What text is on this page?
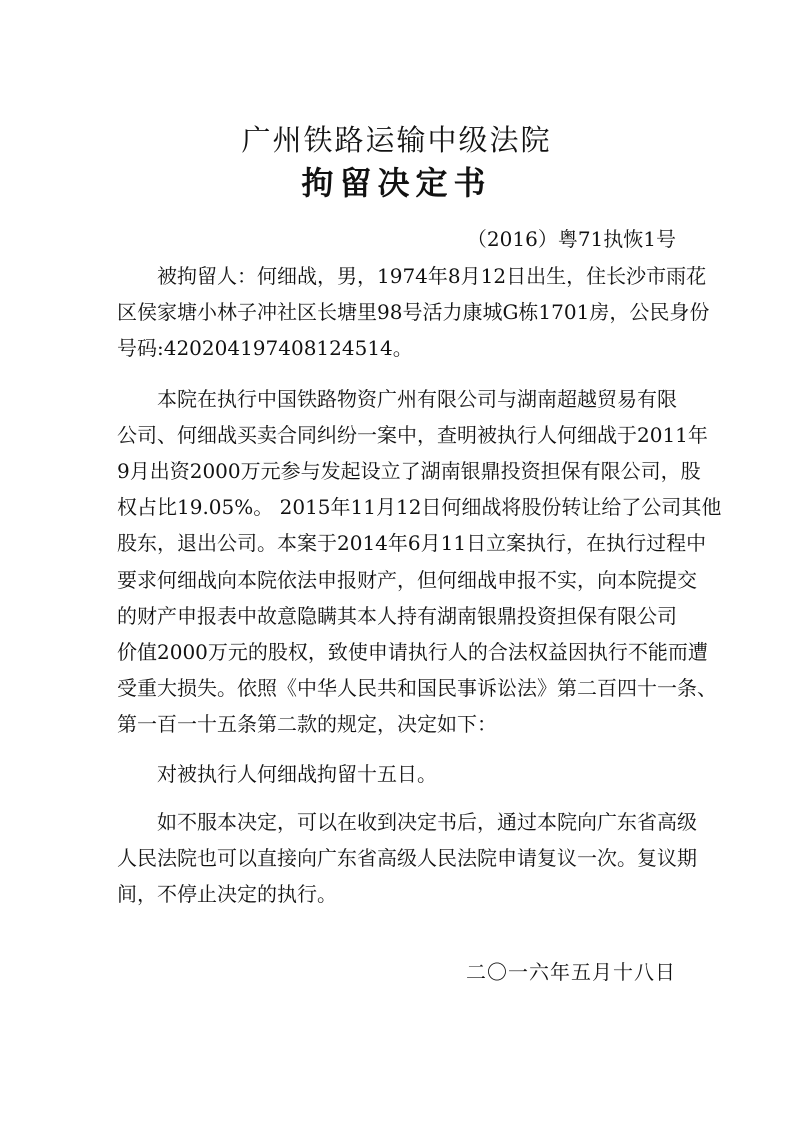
广州铁路运输中级法院
拘留决定书
（2016）粤71执恢1号
被拘留人：何细战，男，1974年8月12日出生，住长沙市雨花
区侯家塘小林子冲社区长塘里98号活力康城G栋1701房，公民身份
号码:420204197408124514。
本院在执行中国铁路物资广州有限公司与湖南超越贸易有限
公司、何细战买卖合同纠纷一案中，查明被执行人何细战于2011年
9月出资2000万元参与发起设立了湖南银鼎投资担保有限公司，股
权占比19.05%。 2015年11月12日何细战将股份转让给了公司其他
股东，退出公司。本案于2014年6月11日立案执行，在执行过程中
要求何细战向本院依法申报财产，但何细战申报不实，向本院提交
的财产申报表中故意隐瞒其本人持有湖南银鼎投资担保有限公司
价值2000万元的股权，致使申请执行人的合法权益因执行不能而遭
受重大损失。依照《中华人民共和国民事诉讼法》第二百四十一条、
第一百一十五条第二款的规定，决定如下：
对被执行人何细战拘留十五日。
如不服本决定，可以在收到决定书后，通过本院向广东省高级
人民法院也可以直接向广东省高级人民法院申请复议一次。复议期
间，不停止决定的执行。
二〇一六年五月十八日
